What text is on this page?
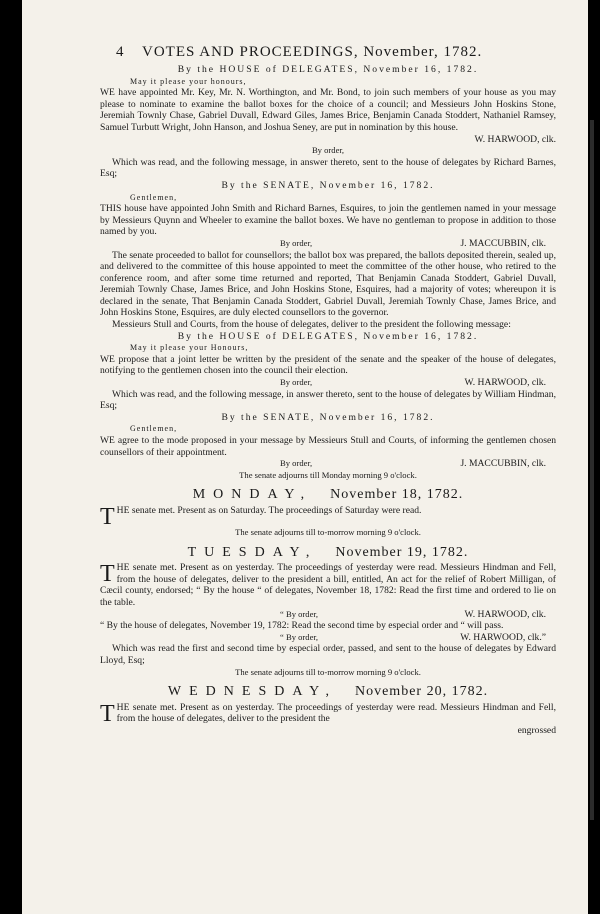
4 VOTES AND PROCEEDINGS, November, 1782.

By the HOUSE of DELEGATES, November 16, 1782.

May it please your honours,

WE have appointed Mr. Key, Mr. N. Worthington, and Mr. Bond, to join such members of your house as you may please to nominate to examine the ballot boxes for the choice of a council; and Messieurs John Hoskins Stone, Jeremiah Townly Chase, Gabriel Duvall, Edward Giles, James Brice, Benjamin Canada Stoddert, Nathaniel Ramsey, Samuel Turbutt Wright, John Hanson, and Joshua Seney, are put in nomination by this house.

W. HARWOOD, clk.

By order,

Which was read, and the following message, in answer thereto, sent to the house of delegates by Richard Barnes, Esq;

By the SENATE, November 16, 1782.

Gentlemen,

THIS house have appointed John Smith and Richard Barnes, Esquires, to join the gentlemen named in your message by Messieurs Quynn and Wheeler to examine the ballot boxes. We have no gentleman to propose in addition to those named by you.

By order,	J. MACCUBBIN, clk.

The senate proceeded to ballot for counsellors; the ballot box was prepared, the ballots deposited therein, sealed up, and delivered to the committee of this house appointed to meet the committee of the other house, who retired to the conference room, and after some time returned and reported, That Benjamin Canada Stoddert, Gabriel Duvall, Jeremiah Townly Chase, James Brice, and John Hoskins Stone, Esquires, had a majority of votes; whereupon it is declared in the senate, That Benjamin Canada Stoddert, Gabriel Duvall, Jeremiah Townly Chase, James Brice, and John Hoskins Stone, Esquires, are duly elected counsellors to the governor.

Messieurs Stull and Courts, from the house of delegates, deliver to the president the following message:

By the HOUSE of DELEGATES, November 16, 1782.

May it please your Honours,

WE propose that a joint letter be written by the president of the senate and the speaker of the house of delegates, notifying to the gentlemen chosen into the council their election.

By order,	W. HARWOOD, clk.

Which was read, and the following message, in answer thereto, sent to the house of delegates by William Hindman, Esq;

By the SENATE, November 16, 1782.

Gentlemen,

WE agree to the mode proposed in your message by Messieurs Stull and Courts, of informing the gentlemen chosen counsellors of their appointment.

By order,	J. MACCUBBIN, clk.

The senate adjourns till Monday morning 9 o'clock.

MONDAY, November 18, 1782.

THE senate met. Present as on Saturday. The proceedings of Saturday were read.

The senate adjourns till to-morrow morning 9 o'clock.

TUESDAY, November 19, 1782.

THE senate met. Present as on yesterday. The proceedings of yesterday were read. Messieurs Hindman and Fell, from the house of delegates, deliver to the president a bill, entitled, An act for the relief of Robert Milligan, of Cæcil county, endorsed; “ By the house “ of delegates, November 18, 1782: Read the first time and ordered to lie on the table.

“ By order,	W. HARWOOD, clk.

“ By the house of delegates, November 19, 1782: Read the second time by especial order and “ will pass.

“ By order,	W. HARWOOD, clk.”

Which was read the first and second time by especial order, passed, and sent to the house of delegates by Edward Lloyd, Esq;

The senate adjourns till to-morrow morning 9 o'clock.

WEDNESDAY, November 20, 1782.

THE senate met. Present as on yesterday. The proceedings of yesterday were read. Messieurs Hindman and Fell, from the house of delegates, deliver to the president the

engrossed
